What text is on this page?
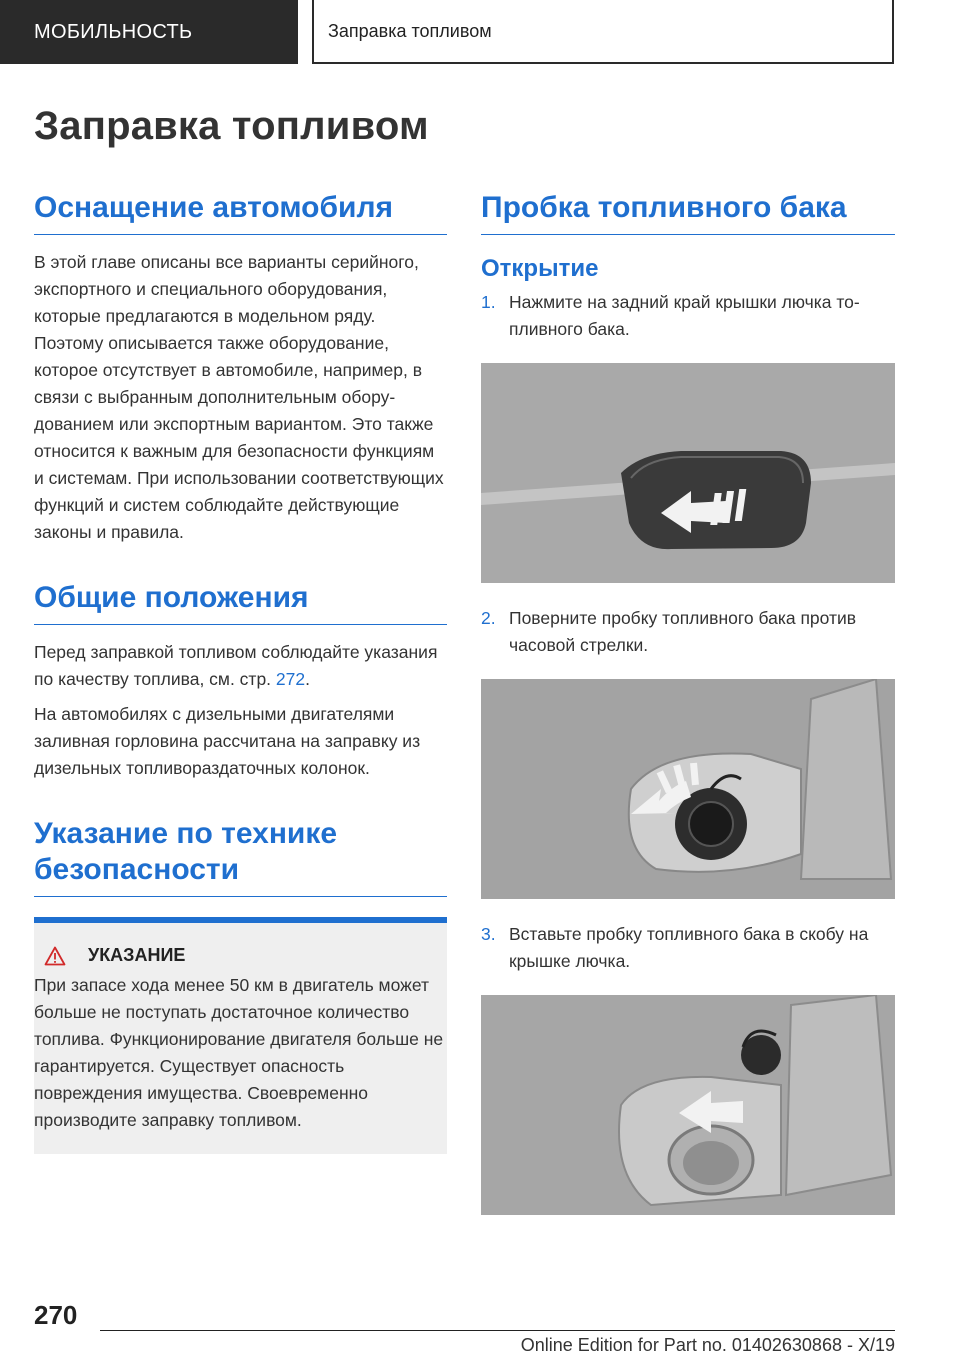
МОБИЛЬНОСТЬ	Заправка топливом
Заправка топливом
Оснащение автомобиля

В этой главе описаны все варианты серийного, экспортного и специального оборудования, которые предлагаются в модельном ряду. Поэтому описывается также оборудование, которое отсутствует в автомобиле, например, в связи с выбранным дополнительным оборудованием или экспортным вариантом. Это также относится к важным для безопасности функциям и системам. При использовании соответствующих функций и систем соблюдайте действующие законы и правила.

Общие положения

Перед заправкой топливом соблюдайте указания по качеству топлива, см. стр. 272.

На автомобилях с дизельными двигателями заливная горловина рассчитана на заправку из дизельных топливораздаточных колонок.

Указание по технике безопасности
УКАЗАНИЕ

При запасе хода менее 50 км в двигатель может больше не поступать достаточное количество топлива. Функционирование двигателя больше не гарантируется. Существует опасность повреждения имущества. Своевременно производите заправку топливом.

Пробка топливного бака
Открытие
1. Нажмите на задний край крышки лючка топливного бака.
2. Поверните пробку топливного бака против часовой стрелки.
3. Вставьте пробку топливного бака в скобу на крышке лючка.
270
Online Edition for Part no. 01402630868 - X/19
